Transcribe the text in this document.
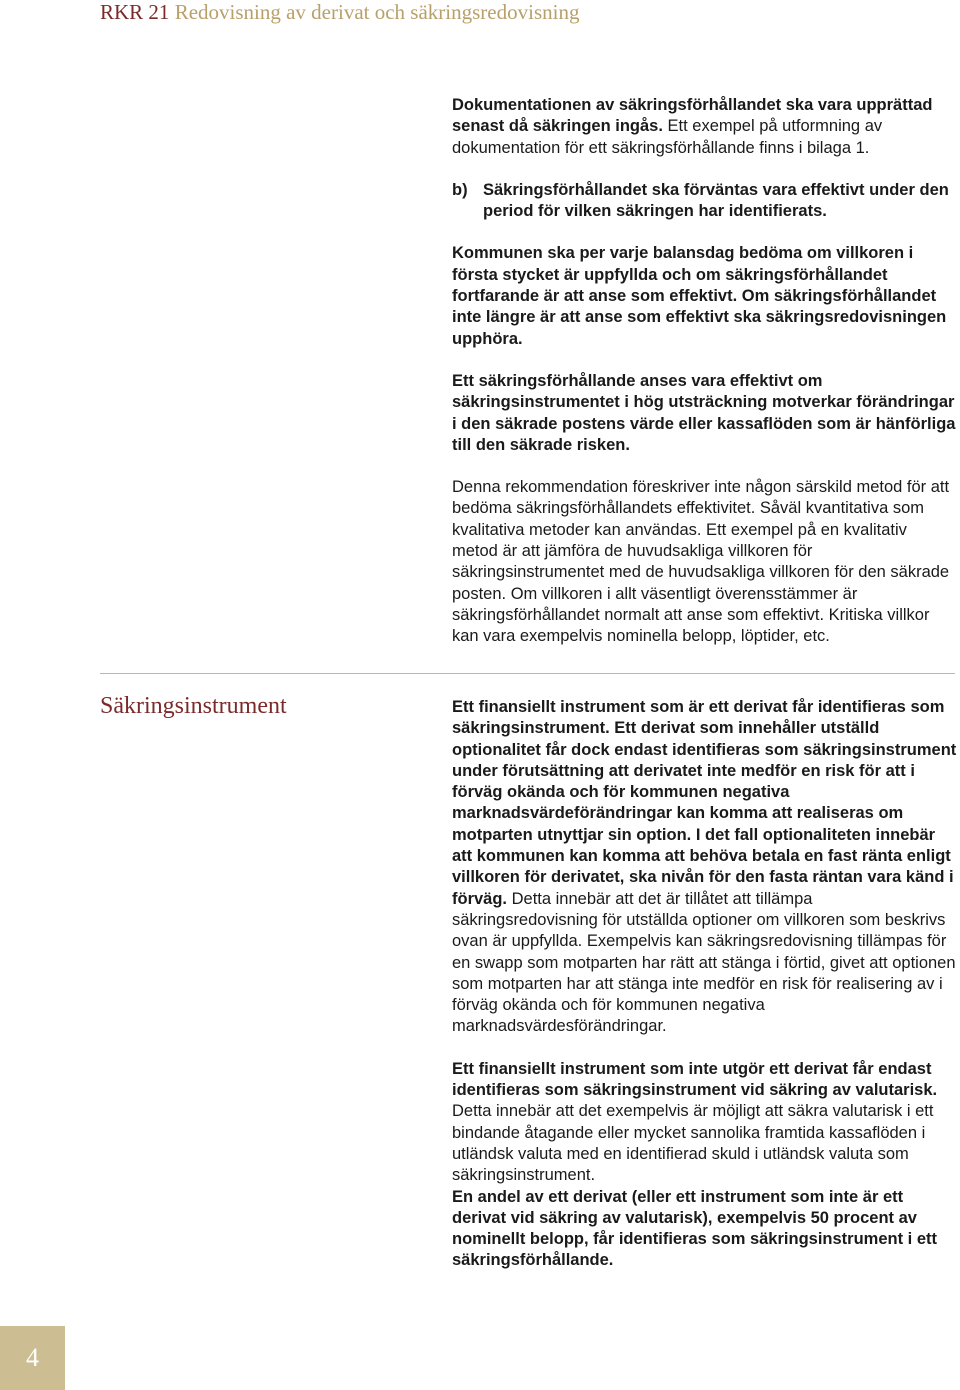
RKR 21 Redovisning av derivat och säkringsredovisning

Dokumentationen av säkringsförhållandet ska vara upprättad senast då säkringen ingås. Ett exempel på utformning av dokumentation för ett säkringsförhållande finns i bilaga 1.

b) Säkringsförhållandet ska förväntas vara effektivt under den period för vilken säkringen har identifierats.

Kommunen ska per varje balansdag bedöma om villkoren i första stycket är uppfyllda och om säkringsförhållandet fortfarande är att anse som effektivt. Om säkringsförhållandet inte längre är att anse som effektivt ska säkringsredovisningen upphöra.

Ett säkringsförhållande anses vara effektivt om säkringsinstrumentet i hög utsträckning motverkar förändringar i den säkrade postens värde eller kassaflöden som är hänförliga till den säkrade risken.

Denna rekommendation föreskriver inte någon särskild metod för att bedöma säkringsförhållandets effektivitet. Såväl kvantitativa som kvalitativa metoder kan användas. Ett exempel på en kvalitativ metod är att jämföra de huvudsakliga villkoren för säkringsinstrumentet med de huvudsakliga villkoren för den säkrade posten. Om villkoren i allt väsentligt överensstämmer är säkringsförhållandet normalt att anse som effektivt. Kritiska villkor kan vara exempelvis nominella belopp, löptider, etc.

Säkringsinstrument	Ett finansiellt instrument som är ett derivat får identifieras som säkringsinstrument. Ett derivat som innehåller utställd optionalitet får dock endast identifieras som säkringsinstrument under förutsättning att derivatet inte medför en risk för att i förväg okända och för kommunen negativa marknadsvärdeförändringar kan komma att realiseras om motparten utnyttjar sin option. I det fall optionaliteten innebär att kommunen kan komma att behöva betala en fast ränta enligt villkoren för derivatet, ska nivån för den fasta räntan vara känd i förväg. Detta innebär att det är tillåtet att tillämpa säkringsredovisning för utställda optioner om villkoren som beskrivs ovan är uppfyllda. Exempelvis kan säkringsredovisning tillämpas för en swapp som motparten har rätt att stänga i förtid, givet att optionen som motparten har att stänga inte medför en risk för realisering av i förväg okända och för kommunen negativa marknadsvärdesförändringar.

Ett finansiellt instrument som inte utgör ett derivat får endast identifieras som säkringsinstrument vid säkring av valutarisk. Detta innebär att det exempelvis är möjligt att säkra valutarisk i ett bindande åtagande eller mycket sannolika framtida kassaflöden i utländsk valuta med en identifierad skuld i utländsk valuta som säkringsinstrument.

En andel av ett derivat (eller ett instrument som inte är ett derivat vid säkring av valutarisk), exempelvis 50 procent av nominellt belopp, får identifieras som säkringsinstrument i ett säkringsförhållande.

4
